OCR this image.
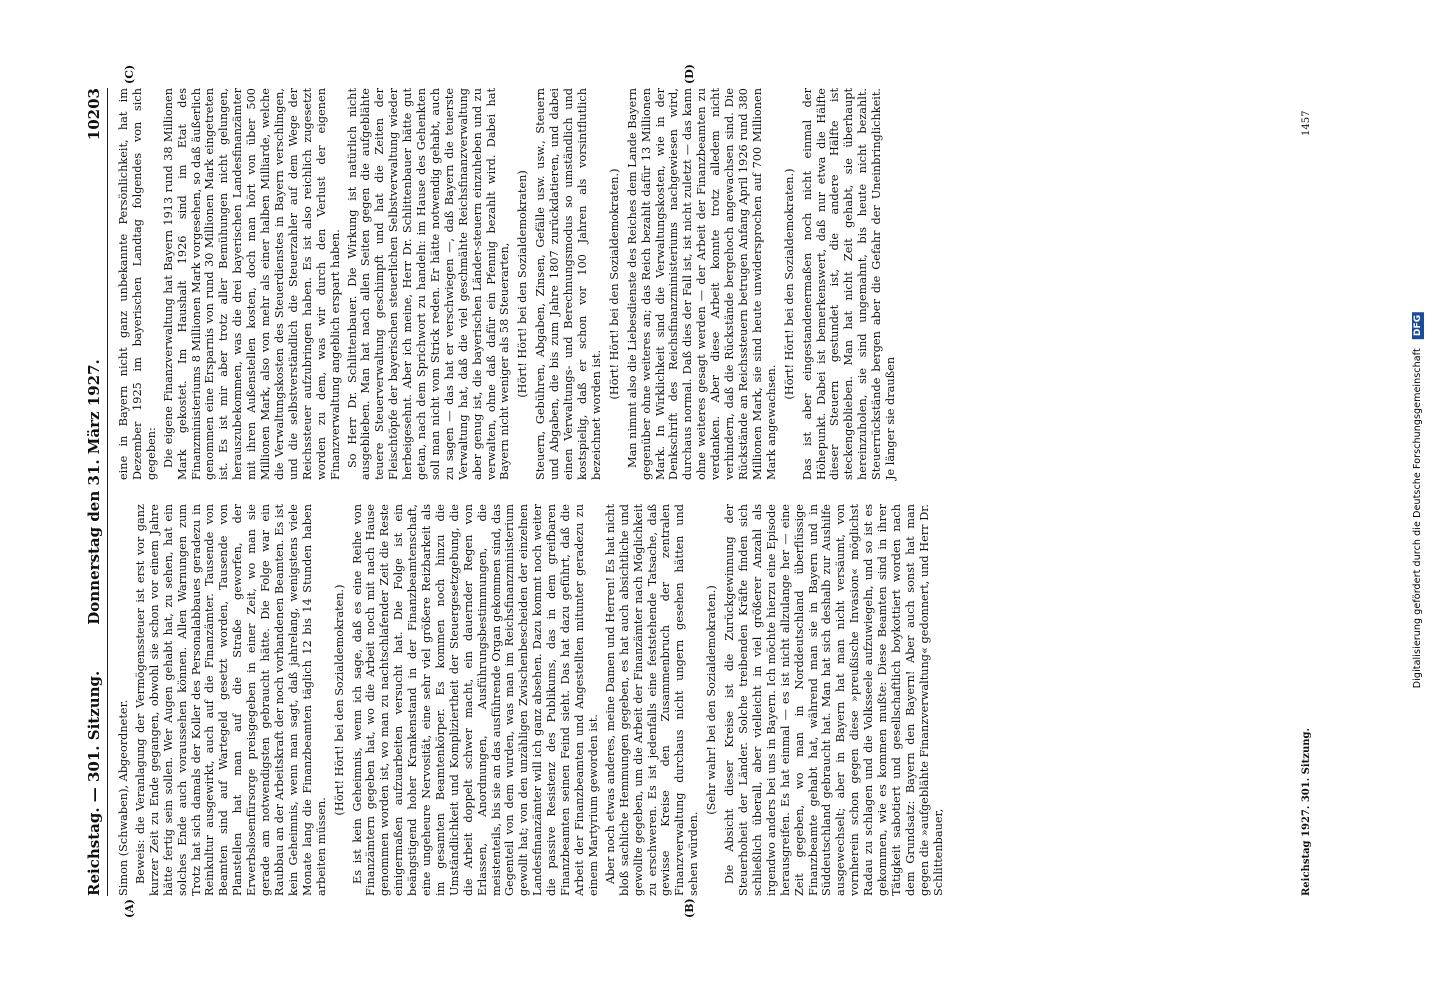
Digitalisierung gefördert durch die Deutsche Forschungsgemeinschaft DFG
Reichstag. — 301. Sitzung.
Donnerstag den 31. März 1927.
10203
(A)	(B)
(C)	(D)

Simon (Schwaben), Abgeordneter. Beweis: die Veranlagung der Vermögenssteuer ist erst vor ganz kurzer Zeit zu Ende gegangen, obwohl sie schon vor einem Jahre hätte fertig sein sollen. Wer Augen gehabt hat, zu sehen, hat ein solches Ende auch voraussehen können. Allen Warnungen zum Trotz hat sich damals der Koller des Personalabbaues geradezu in Reinkultur ausgewirkt, auch auf die Finanzämter. Tausende von Beamten sind auf Wartegeld gesetzt worden, Tausende von Planstellen hat man auf die Straße geworfen, der Erwerbslosenfürsorge preisgegeben in einer Zeit, wo man sie gerade am notwendigsten gebraucht hätte. Die Folge war ein Raubbau an der Arbeitskraft der noch vorhandenen Beamten. Es ist kein Geheimnis, wenn man sagt, daß jahrelang, wenigstens viele Monate lang die Finanzbeamten täglich 12 bis 14 Stunden haben arbeiten müssen.

(Hört! Hört! bei den Sozialdemokraten.) Es ist kein Geheimnis, wenn ich sage, daß es eine Reihe von Finanzämtern gegeben hat, wo die Arbeit noch mit nach Hause genommen worden ist, wo man zu nachtschlafender Zeit die Reste einigermaßen aufzuarbeiten versucht hat. Die Folge ist ein beängstigend hoher Krankenstand in der Finanzbeamtenschaft, eine ungeheure Nervosität, eine sehr viel größere Reizbarkeit als im gesamten Beamtenkörper. Es kommen noch hinzu die Umständlichkeit und Kompliziertheit der Steuergesetzgebung, die die Arbeit doppelt schwer macht, ein dauernder Regen von Erlassen, Anordnungen, Ausführungsbestimmungen, die meistenteils, bis sie an das ausführende Organ gekommen sind, das Gegenteil von dem wurden, was man im Reichsfinanzministerium gewollt hat; von den unzähligen Zwischenbescheiden der einzelnen Landesfinanzämter will ich ganz absehen. Dazu kommt noch weiter die passive Resistenz des Publikums, das in dem greifbaren Finanzbeamten seinen Feind sieht. Das hat dazu geführt, daß die Arbeit der Finanzbeamten und Angestellten mitunter geradezu zu einem Martyrium geworden ist. Aber noch etwas anderes, meine Damen und Herren! Es hat nicht bloß sachliche Hemmungen gegeben, es hat auch absichtliche und gewollte gegeben, um die Arbeit der Finanzämter nach Möglichkeit zu erschweren. Es ist jedenfalls eine feststehende Tatsache, daß gewisse Kreise den Zusammenbruch der zentralen Finanzverwaltung durchaus nicht ungern gesehen hätten und sehen würden.

(Sehr wahr! bei den Sozialdemokraten.) Die Absicht dieser Kreise ist die Zurückgewinnung der Steuerhoheit der Länder. Solche treibenden Kräfte finden sich schließlich überall, aber vielleicht in viel größerer Anzahl als irgendwo anders bei uns in Bayern. Ich möchte hierzu eine Episode herausgreifen. Es hat einmal — es ist nicht allzulange her — eine Zeit gegeben, wo man in Norddeutschland überflüssige Finanzbeamte gehabt hat, während man sie in Bayern und in Süddeutschland gebraucht hat. Man hat sich deshalb zur Aushilfe ausgewechselt; aber in Bayern hat man nicht versäumt, von vornherein schon gegen diese »preußische Invasion« möglichst Radau zu schlagen und die Volksseele aufzuwiegeln, und so ist es gekommen, wie es kommen mußte: Diese Beamten sind in ihrer Tätigkeit sabotiert und gesellschaftlich boykottiert worden nach dem Grundsatz: Bayern den Bayern! Aber auch sonst hat man gegen die »aufgeblähte Finanzverwaltung« gedonnert, und Herr Dr. Schlittenbauer,

eine in Bayern nicht ganz unbekannte Persönlichkeit, hat im Dezember 1925 im bayerischen Landtag folgendes von sich gegeben: Die eigene Finanzverwaltung hat Bayern 1913 rund 38 Millionen Mark gekostet. Im Haushalt 1926 sind im Etat des Finanzministeriums 8 Millionen Mark vorgesehen, so daß äußerlich genommen eine Ersparnis von rund 30 Millionen Mark eingetreten ist. Es ist mir aber trotz aller Bemühungen nicht gelungen, herauszubekommen, was die drei bayerischen Landesfinanzämter mit ihren Außenstellen kosten, doch man hört von über 500 Millionen Mark, also von mehr als einer halben Milliarde, welche die Verwaltungskosten des Steuerdienstes in Bayern verschlingen, und die selbstverständlich die Steuerzahler auf dem Wege der Reichssteuer aufzubringen haben. Es ist also reichlich zugesetzt worden zu dem, was wir durch den Verlust der eigenen Finanzverwaltung angeblich erspart haben. So Herr Dr. Schlittenbauer. Die Wirkung ist natürlich nicht ausgeblieben. Man hat nach allen Seiten gegen die aufgeblähte teuere Steuerverwaltung geschimpft und hat die Zeiten der Fleischtöpfe der bayerischen steuerlichen Selbstverwaltung wieder herbeigesehnt. Aber ich meine, Herr Dr. Schlittenbauer hätte gut getan, nach dem Sprichwort zu handeln: im Hause des Gehenkten soll man nicht vom Strick reden. Er hätte notwendig gehabt, auch zu sagen — das hat er verschwiegen —, daß Bayern die teuerste Verwaltung hat, daß die viel geschmähte Reichsfinanzverwaltung aber genug ist, die bayerischen Länder-steuern einzuheben und zu verwalten, ohne daß dafür ein Pfennig bezahlt wird. Dabei hat Bayern nicht weniger als 58 Steuerarten, (Hört! Hört! bei den Sozialdemokraten) Steuern, Gebühren, Abgaben, Zinsen, Gefälle usw. usw., Steuern und Abgaben, die bis zum Jahre 1807 zurückdatieren, und dabei einen Verwaltungs- und Berechnungsmodus so umständlich und kostspielig, daß er schon vor 100 Jahren als vorsintflutlich bezeichnet worden ist.

(Hört! Hört! bei den Sozialdemokraten.) Man nimmt also die Liebesdienste des Reiches dem Lande Bayern gegenüber ohne weiteres an; das Reich bezahlt dafür 13 Millionen Mark. In Wirklichkeit sind die Verwaltungskosten, wie in der Denkschrift des Reichsfinanzministeriums nachgewiesen wird, durchaus normal. Daß dies der Fall ist, ist nicht zuletzt — das kann ohne weiteres gesagt werden — der Arbeit der Finanzbeamten zu verdanken. Aber diese Arbeit konnte trotz alledem nicht verhindern, daß die Rückstände bergehoch angewachsen sind. Die Rückstände an Reichssteuern betrugen Anfang April 1926 rund 380 Millionen Mark, sie sind heute unwidersprochen auf 700 Millionen Mark angewachsen.

(Hört! Hört! bei den Sozialdemokraten.) Das ist aber eingestandenermaßen noch nicht einmal der Höhepunkt. Dabei ist bemerkenswert, daß nur etwa die Hälfte dieser Steuern gestundet ist, die andere Hälfte ist steckengeblieben. Man hat nicht Zeit gehabt, sie überhaupt hereinzuholen, sie sind ungemahnt, bis heute nicht bezahlt. Steuerrückstände bergen aber die Gefahr der Uneinbringlichkeit. Je länger sie draußen

Reichstag 1927. 301. Sitzung.
1457
